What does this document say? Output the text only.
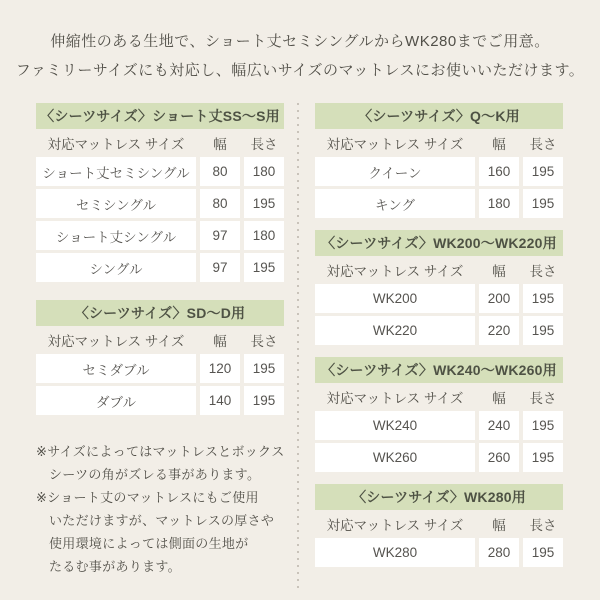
伸縮性のある生地で、ショート丈セミシングルからWK280までご用意。

ファミリーサイズにも対応し、幅広いサイズのマットレスにお使いいただけます。

〈シーツサイズ〉ショート丈SS〜S用
対応マットレス サイズ	幅	長さ
ショート丈セミシングル	80	180
セミシングル	80	195
ショート丈シングル	97	180
シングル	97	195
〈シーツサイズ〉SD〜D用
対応マットレス サイズ	幅	長さ
セミダブル	120	195
ダブル	140	195

※サイズによってはマットレスとボックス
シーツの角がズレる事があります。

※ショート丈のマットレスにもご使用
いただけますが、マットレスの厚さや
使用環境によっては側面の生地が
たるむ事があります。

〈シーツサイズ〉Q〜K用
対応マットレス サイズ	幅	長さ
クイーン	160	195
キング	180	195
〈シーツサイズ〉WK200〜WK220用
対応マットレス サイズ	幅	長さ
WK200	200	195
WK220	220	195
〈シーツサイズ〉WK240〜WK260用
対応マットレス サイズ	幅	長さ
WK240	240	195
WK260	260	195
〈シーツサイズ〉WK280用
対応マットレス サイズ	幅	長さ
WK280	280	195
